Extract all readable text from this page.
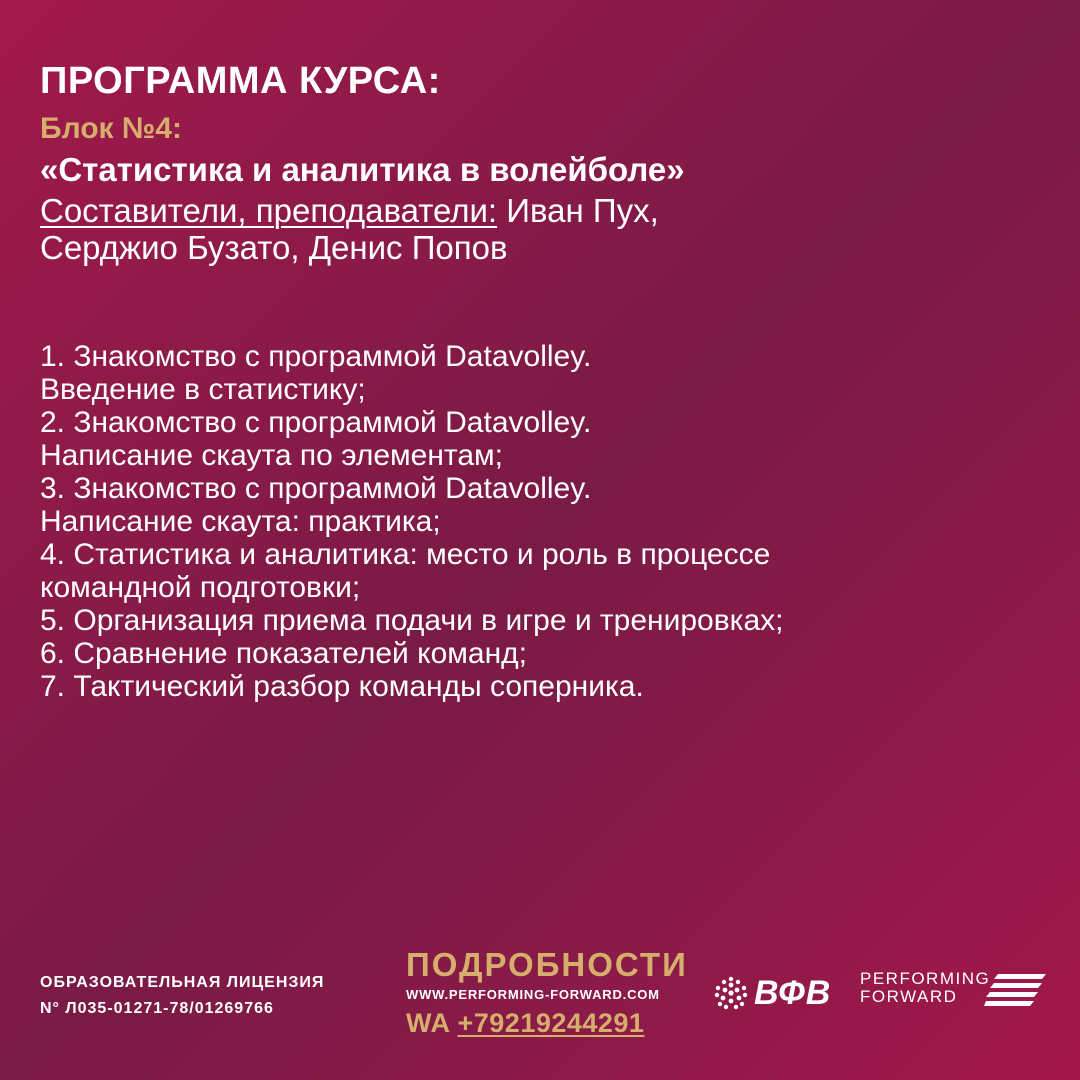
ПРОГРАММА КУРСА:
Блок №4:
«Статистика и аналитика в волейболе»
Составители, преподаватели: Иван Пух,
Серджио Бузато, Денис Попов
1. Знакомство с программой Datavolley.
Введение в статистику;
2. Знакомство с программой Datavolley.
Написание скаута по элементам;
3. Знакомство с программой Datavolley.
Написание скаута: практика;
4. Статистика и аналитика: место и роль в процессе
командной подготовки;
5. Организация приема подачи в игре и тренировках;
6. Сравнение показателей команд;
7. Тактический разбор команды соперника.
ОБРАЗОВАТЕЛЬНАЯ ЛИЦЕНЗИЯ
N° Л035-01271-78/01269766
ПОДРОБНОСТИ
WWW.PERFORMING-FORWARD.COM
WA +79219244291
ВФВ PERFORMING
FORWARD
